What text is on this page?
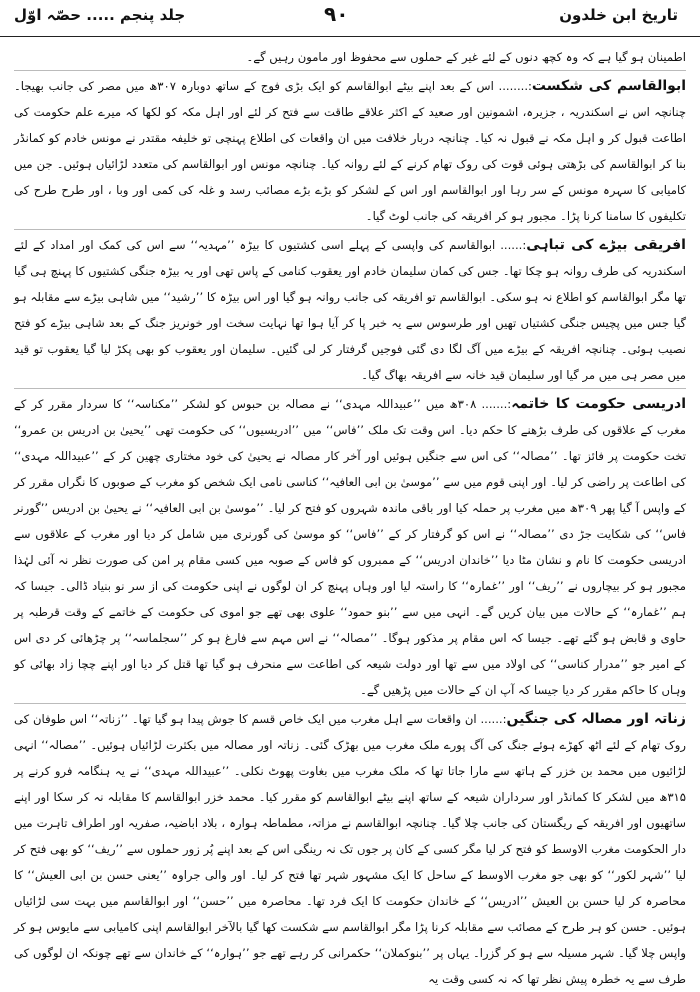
تاریخ ابن خلدون
۹۰
جلد پنجم ..... حصّہ اوّل

اطمینان ہو گیا ہے کہ وہ کچھ دنوں کے لئے غیر کے حملوں سے محفوظ اور مامون رہیں گے۔

ابوالقاسم کی شکست:........ اس کے بعد اپنے بیٹے ابوالقاسم کو ایک بڑی فوج کے ساتھ دوبارہ ۳۰۷ھ میں مصر کی جانب بھیجا۔ چنانچہ اس نے اسکندریہ ، جزیرہ، اشمونین اور صعید کے اکثر علاقے طاقت سے فتح کر لئے اور اہل مکہ کو لکھا کہ میرے علم حکومت کی اطاعت قبول کر و اہل مکہ نے قبول نہ کیا۔ چنانچہ دربار خلافت میں ان واقعات کی اطلاع پہنچی تو خلیفہ مقتدر نے مونس خادم کو کمانڈر بنا کر ابوالقاسم کی بڑھتی ہوئی قوت کی روک تھام کرنے کے لئے روانہ کیا۔ چنانچہ مونس اور ابوالقاسم کی متعدد لڑائیاں ہوئیں۔ جن میں کامیابی کا سہرہ مونس کے سر رہا اور ابوالقاسم اور اس کے لشکر کو بڑے بڑے مصائب رسد و غلہ کی کمی اور وبا ، اور طرح طرح کی تکلیفوں کا سامنا کرنا پڑا۔ مجبور ہو کر افریقہ کی جانب لوٹ گیا۔

افریقی بیڑے کی تباہی:...... ابوالقاسم کی واپسی کے پہلے اسی کشتیوں کا بیڑہ ’’مہدیہ‘‘ سے اس کی کمک اور امداد کے لئے اسکندریہ کی طرف روانہ ہو چکا تھا۔ جس کی کمان سلیمان خادم اور یعقوب کنامی کے پاس تھی اور یہ بیڑہ جنگی کشتیوں کا پہنچ ہی گیا تھا مگر ابوالقاسم کو اطلاع نہ ہو سکی۔ ابوالقاسم تو افریقہ کی جانب روانہ ہو گیا اور اس بیڑہ کا ’’رشید‘‘ میں شاہی بیڑے سے مقابلہ ہو گیا جس میں پچیس جنگی کشتیاں تھیں اور طرسوس سے یہ خبر پا کر آیا ہوا تھا نہایت سخت اور خونریز جنگ کے بعد شاہی بیڑے کو فتح نصیب ہوئی۔ چنانچہ افریقہ کے بیڑے میں آگ لگا دی گئی فوجیں گرفتار کر لی گئیں۔ سلیمان اور یعقوب کو بھی پکڑ لیا گیا یعقوب تو قید میں مصر ہی میں مر گیا اور سلیمان قید خانہ سے افریقہ بھاگ گیا۔

ادریسی حکومت کا خاتمہ:....... ۳۰۸ھ میں ’’عبیداللہ مہدی‘‘ نے مصالہ بن حبوس کو لشکر ’’مکناسہ‘‘ کا سردار مقرر کر کے مغرب کے علاقوں کی طرف بڑھنے کا حکم دیا۔ اس وقت تک ملک ’’فاس‘‘ میں ’’ادریسیوں‘‘ کی حکومت تھی ’’یحییٰ بن ادریس بن عمرو‘‘ تخت حکومت پر فائز تھا۔ ’’مصالہ‘‘ کی اس سے جنگیں ہوئیں اور آخر کار مصالہ نے یحییٰ کی خود مختاری چھین کر کے ’’عبیداللہ مہدی‘‘ کی اطاعت پر راضی کر لیا۔ اور اپنی قوم میں سے ’’موسیٰ بن ابی العافیہ‘‘ کناسی نامی ایک شخص کو مغرب کے صوبوں کا نگراں مقرر کر کے واپس آ گیا پھر ۳۰۹ھ میں مغرب پر حملہ کیا اور باقی ماندہ شہروں کو فتح کر لیا۔ ’’موسیٰ بن ابی العافیہ‘‘ نے یحییٰ بن ادریس ’’گورنر فاس‘‘ کی شکایت جڑ دی ’’مصالہ‘‘ نے اس کو گرفتار کر کے ’’فاس‘‘ کو موسیٰ کی گورنری میں شامل کر دیا اور مغرب کے علاقوں سے ادریسی حکومت کا نام و نشان مٹا دیا ’’خاندان ادریس‘‘ کے ممبروں کو فاس کے صوبہ میں کسی مقام پر امن کی صورت نظر نہ آئی لہٰذا مجبور ہو کر بیچاروں نے ’’ریف‘‘ اور ’’غمارہ‘‘ کا راستہ لیا اور وہاں پہنچ کر ان لوگوں نے اپنی حکومت کی از سر نو بنیاد ڈالی۔ جیسا کہ ہم ’’غمارہ‘‘ کے حالات میں بیان کریں گے۔ انہی میں سے ’’بنو حمود‘‘ علوی بھی تھے جو اموی کی حکومت کے خاتمے کے وقت قرطبہ پر حاوی و قابض ہو گئے تھے۔ جیسا کہ اس مقام پر مذکور ہوگا۔ ’’مصالہ‘‘ نے اس مہم سے فارغ ہو کر ’’سجلماسہ‘‘ پر چڑھائی کر دی اس کے امیر جو ’’مدرار کناسی‘‘ کی اولاد میں سے تھا اور دولت شیعہ کی اطاعت سے منحرف ہو گیا تھا قتل کر دیا اور اپنے چچا زاد بھائی کو وہاں کا حاکم مقرر کر دیا جیسا کہ آپ ان کے حالات میں پڑھیں گے۔

زناتہ اور مصالہ کی جنگیں:...... ان واقعات سے اہل مغرب میں ایک خاص قسم کا جوش پیدا ہو گیا تھا۔ ’’زناتہ‘‘ اس طوفان کی روک تھام کے لئے اٹھ کھڑے ہوئے جنگ کی آگ پورے ملک مغرب میں بھڑک گئی۔ زناتہ اور مصالہ میں بکثرت لڑائیاں ہوئیں۔ ’’مصالہ‘‘ انہی لڑائیوں میں محمد بن خزر کے ہاتھ سے مارا جاتا تھا کہ ملک مغرب میں بغاوت پھوٹ نکلی۔ ’’عبیداللہ مہدی‘‘ نے یہ ہنگامہ فرو کرنے پر ۳۱۵ھ میں لشکر کا کمانڈر اور سرداران شیعہ کے ساتھ اپنے بیٹے ابوالقاسم کو مقرر کیا۔ محمد خزر ابوالقاسم کا مقابلہ نہ کر سکا اور اپنے ساتھیوں اور افریقہ کے ریگستان کی جانب چلا گیا۔ چنانچہ ابوالقاسم نے مزاتہ، مطماطہ ہوارہ ، بلاد اباضیہ، صفریہ اور اطراف تاہرت میں دار الحکومت مغرب الاوسط کو فتح کر لیا مگر کسی کے کان پر جوں تک نہ رینگی اس کے بعد اپنے پُر زور حملوں سے ’’ریف‘‘ کو بھی فتح کر لیا ’’شہر لکور‘‘ کو بھی جو مغرب الاوسط کے ساحل کا ایک مشہور شہر تھا فتح کر لیا۔ اور والی جراوہ ’’یعنی حسن بن ابی العیش‘‘ کا محاصرہ کر لیا حسن بن العیش ’’ادریس‘‘ کے خاندان حکومت کا ایک فرد تھا۔ محاصرہ میں ’’حسن‘‘ اور ابوالقاسم میں بہت سی لڑائیاں ہوئیں۔ حسن کو ہر طرح کے مصائب سے مقابلہ کرنا پڑا مگر ابوالقاسم سے شکست کھا گیا بالآخر ابوالقاسم اپنی کامیابی سے مایوس ہو کر واپس چلا گیا۔ شہر مسیلہ سے ہو کر گزرا۔ یہاں پر ’’بنوکملان‘‘ حکمرانی کر رہے تھے جو ’’ہوارہ‘‘ کے خاندان سے تھے چونکہ ان لوگوں کی طرف سے یہ خطرہ پیش نظر تھا کہ نہ کسی وقت یہ
